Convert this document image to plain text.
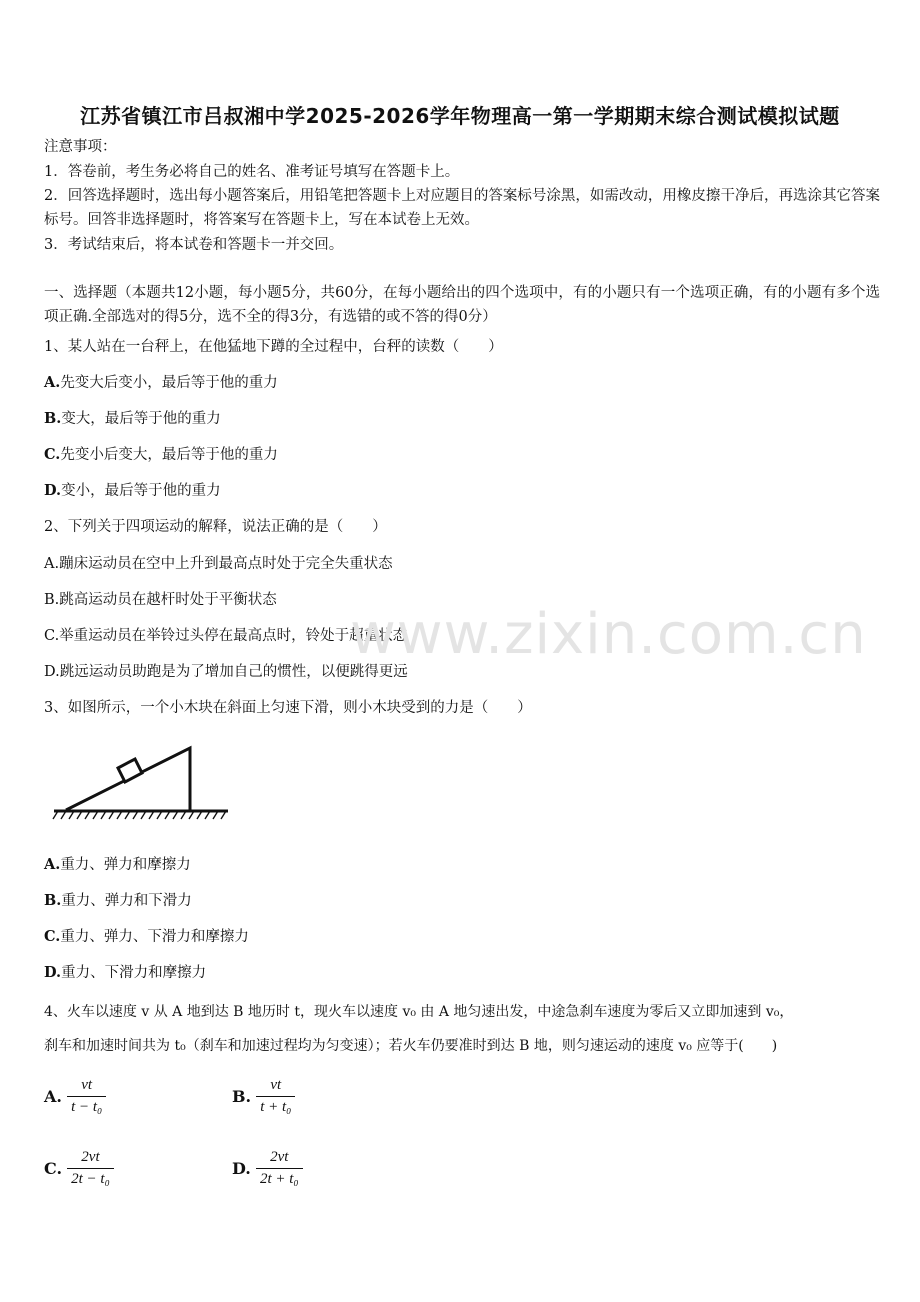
江苏省镇江市吕叔湘中学2025-2026学年物理高一第一学期期末综合测试模拟试题
注意事项：
1．答卷前，考生务必将自己的姓名、准考证号填写在答题卡上。
2．回答选择题时，选出每小题答案后，用铅笔把答题卡上对应题目的答案标号涂黑，如需改动，用橡皮擦干净后，再选涂其它答案标号。回答非选择题时，将答案写在答题卡上，写在本试卷上无效。
3．考试结束后，将本试卷和答题卡一并交回。
一、选择题（本题共12小题，每小题5分，共60分，在每小题给出的四个选项中，有的小题只有一个选项正确，有的小题有多个选项正确.全部选对的得5分，选不全的得3分，有选错的或不答的得0分）
1、某人站在一台秤上，在他猛地下蹲的全过程中，台秤的读数（　　）
A.先变大后变小，最后等于他的重力
B.变大，最后等于他的重力
C.先变小后变大，最后等于他的重力
D.变小，最后等于他的重力
2、下列关于四项运动的解释，说法正确的是（　　）
A.蹦床运动员在空中上升到最高点时处于完全失重状态
B.跳高运动员在越杆时处于平衡状态
C.举重运动员在举铃过头停在最高点时，铃处于超重状态
D.跳远运动员助跑是为了增加自己的惯性，以便跳得更远
3、如图所示，一个小木块在斜面上匀速下滑，则小木块受到的力是（　　）
A.重力、弹力和摩擦力
B.重力、弹力和下滑力
C.重力、弹力、下滑力和摩擦力
D.重力、下滑力和摩擦力
4、火车以速度 v 从 A 地到达 B 地历时 t，现火车以速度 v₀ 由 A 地匀速出发，中途急刹车速度为零后又立即加速到 v₀，
刹车和加速时间共为 t₀（刹车和加速过程均为匀变速）；若火车仍要准时到达 B 地，则匀速运动的速度 v₀ 应等于(　　)
A. $\frac{vt}{\text{t − t₀}}$	B. $\frac{vt}{\text{t + t₀}}$
C. $\frac{2vt}{\text{2t − t₀}}$	D. $\frac{2vt}{\text{2t + t₀}}$
www.zixin.com.cn
